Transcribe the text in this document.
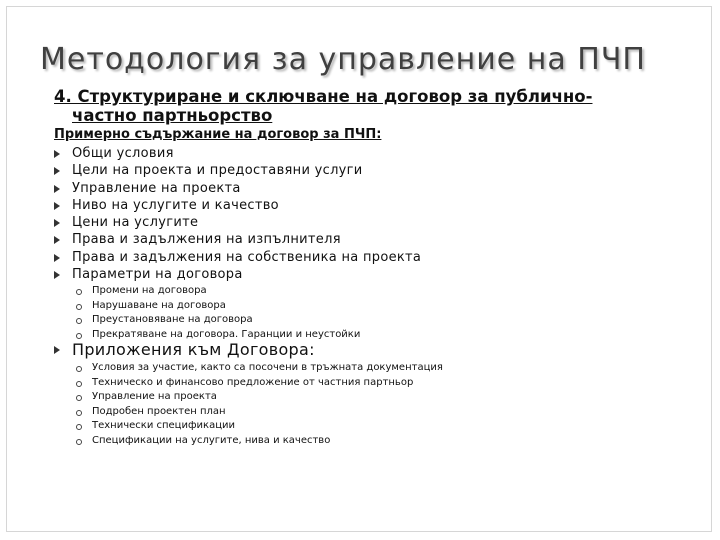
Методология за управление на ПЧП
4. Структуриране и сключване на договор за публично-
частно партньорство
Примерно съдържание на договор за ПЧП:
Общи условия
Цели на проекта и предоставяни услуги
Управление на проекта
Ниво на услугите и качество
Цени на услугите
Права и задължения на изпълнителя
Права и задължения на собственика на проекта
Параметри на договора
Промени на договора
Нарушаване на договора
Преустановяване на договора
Прекратяване на договора. Гаранции и неустойки
Приложения към Договора:
Условия за участие, както са посочени в тръжната документация
Техническо и финансово предложение от частния партньор
Управление на проекта
Подробен проектен план
Технически спецификации
Спецификации на услугите, нива и качество
